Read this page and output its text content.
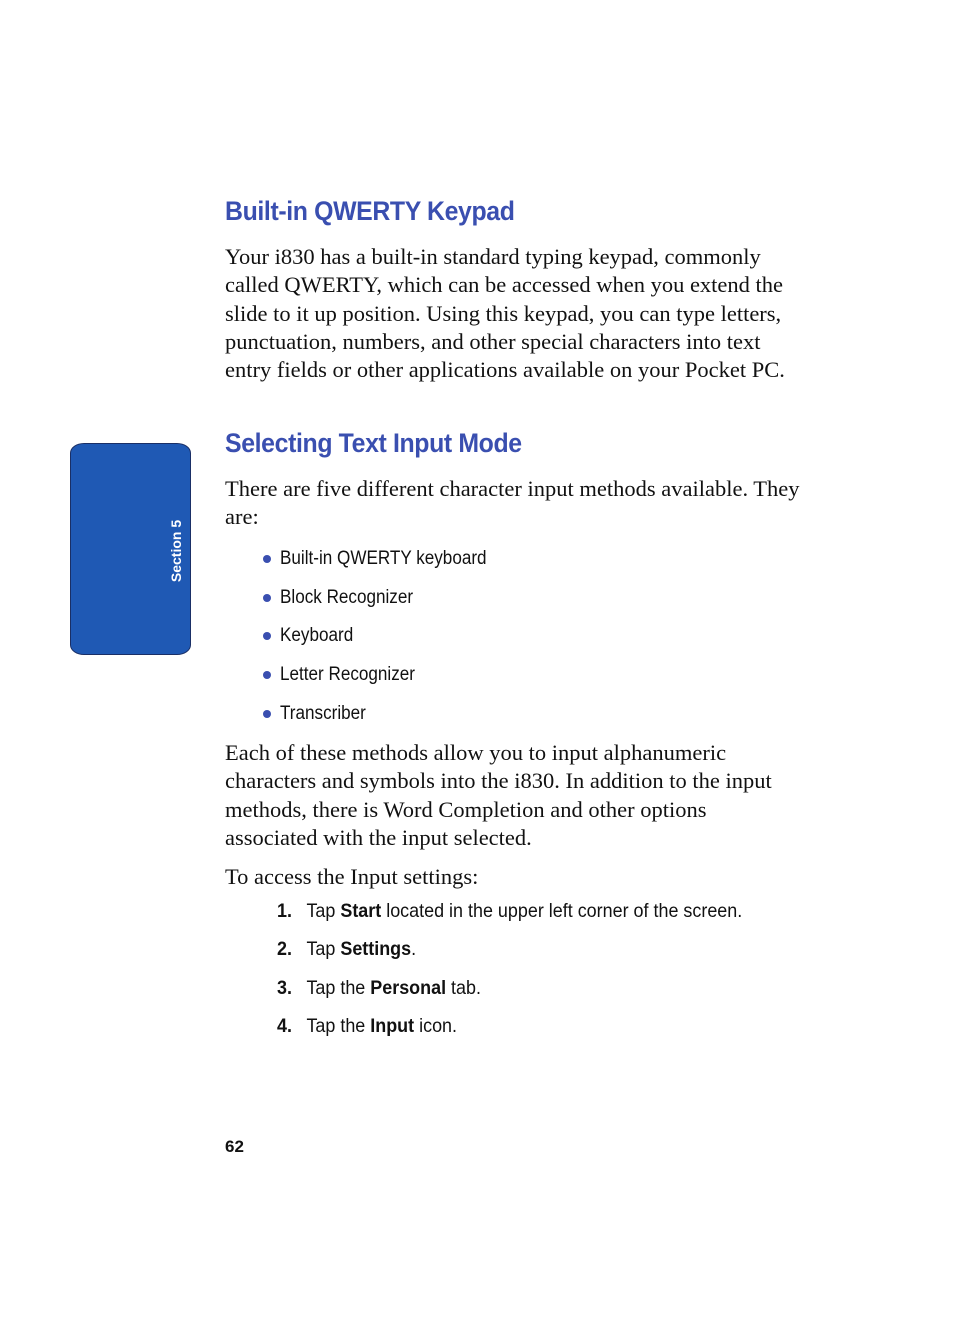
Section 5
Built-in QWERTY Keypad

Your i830 has a built-in standard typing keypad, commonly called QWERTY, which can be accessed when you extend the slide to it up position. Using this keypad, you can type letters, punctuation, numbers, and other special characters into text entry fields or other applications available on your Pocket PC.

Selecting Text Input Mode

There are five different character input methods available. They are:

Built-in QWERTY keyboard
Block Recognizer
Keyboard
Letter Recognizer
Transcriber

Each of these methods allow you to input alphanumeric characters and symbols into the i830. In addition to the input methods, there is Word Completion and other options associated with the input selected.

To access the Input settings:

1. Tap Start located in the upper left corner of the screen.
2. Tap Settings.
3. Tap the Personal tab.
4. Tap the Input icon.
62
